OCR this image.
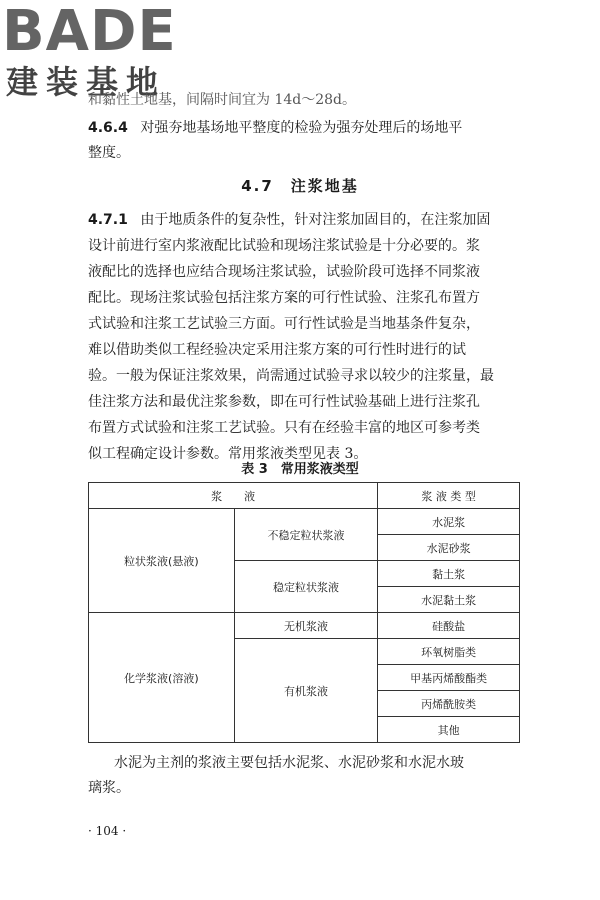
BADE
建装基地
和黏性土地基，间隔时间宜为 14d～28d。
4.6.4 对强夯地基场地平整度的检验为强夯处理后的场地平
整度。
4.7　注浆地基
4.7.1 由于地质条件的复杂性，针对注浆加固目的，在注浆加固
设计前进行室内浆液配比试验和现场注浆试验是十分必要的。浆
液配比的选择也应结合现场注浆试验，试验阶段可选择不同浆液
配比。现场注浆试验包括注浆方案的可行性试验、注浆孔布置方
式试验和注浆工艺试验三方面。可行性试验是当地基条件复杂，
难以借助类似工程经验决定采用注浆方案的可行性时进行的试
验。一般为保证注浆效果，尚需通过试验寻求以较少的注浆量，最
佳注浆方法和最优注浆参数，即在可行性试验基础上进行注浆孔
布置方式试验和注浆工艺试验。只有在经验丰富的地区可参考类
似工程确定设计参数。常用浆液类型见表 3。
表 3　常用浆液类型
浆　　液		浆 液 类 型
粒状浆液(悬液)	不稳定粒状浆液	水泥浆
		水泥砂浆
	稳定粒状浆液	黏土浆
		水泥黏土浆
化学浆液(溶液)	无机浆液	硅酸盐
	有机浆液	环氧树脂类
		甲基丙烯酸酯类
		丙烯酰胺类
		其他
水泥为主剂的浆液主要包括水泥浆、水泥砂浆和水泥水玻
璃浆。
· 104 ·
